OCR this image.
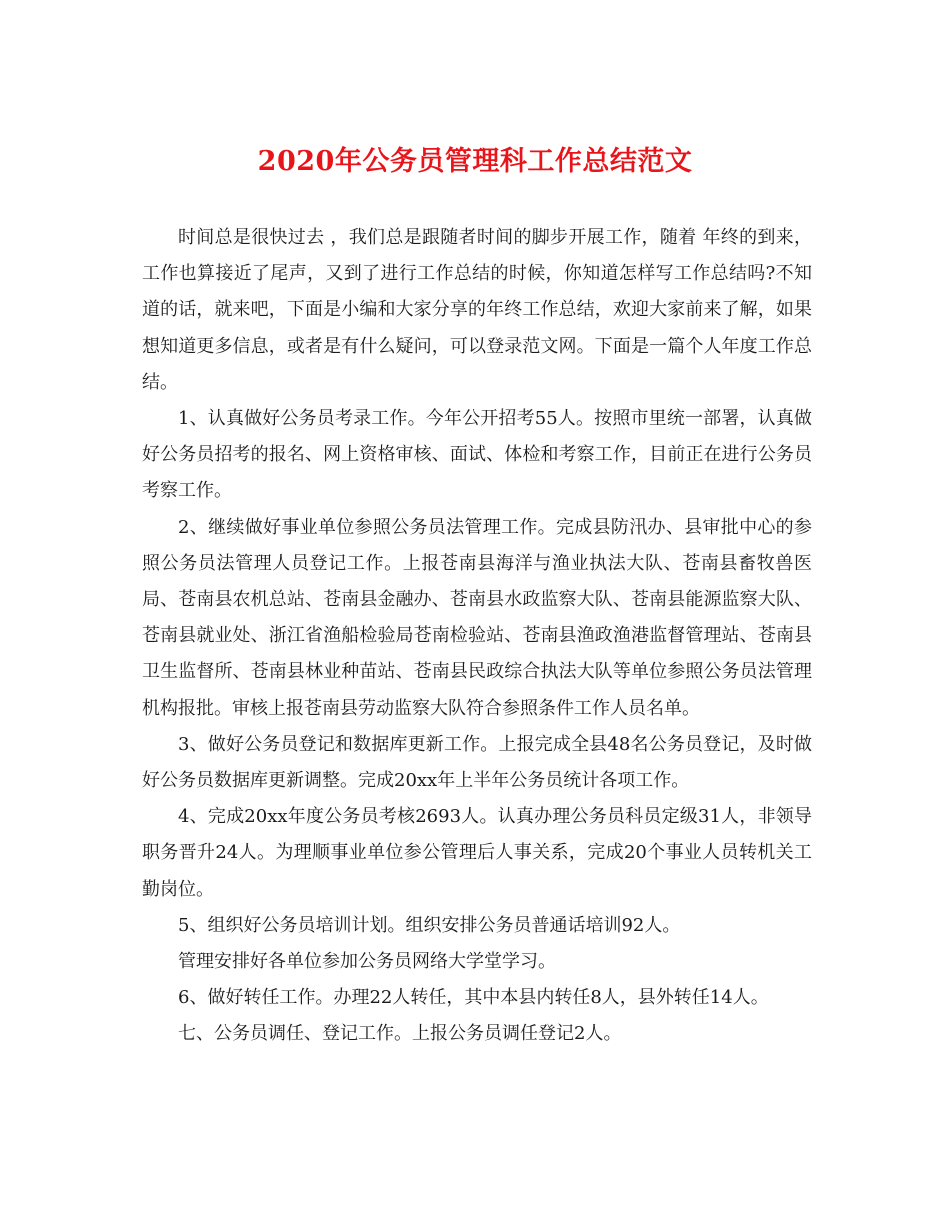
2020年公务员管理科工作总结范文

时间总是很快过去 ，我们总是跟随者时间的脚步开展工作，随着 年终的到来，工作也算接近了尾声，又到了进行工作总结的时候，你知道怎样写工作总结吗?不知道的话，就来吧，下面是小编和大家分享的年终工作总结，欢迎大家前来了解，如果想知道更多信息，或者是有什么疑问，可以登录范文网。下面是一篇个人年度工作总结。

1、认真做好公务员考录工作。今年公开招考55人。按照市里统一部署，认真做好公务员招考的报名、网上资格审核、面试、体检和考察工作，目前正在进行公务员考察工作。

2、继续做好事业单位参照公务员法管理工作。完成县防汛办、县审批中心的参照公务员法管理人员登记工作。上报苍南县海洋与渔业执法大队、苍南县畜牧兽医局、苍南县农机总站、苍南县金融办、苍南县水政监察大队、苍南县能源监察大队、苍南县就业处、浙江省渔船检验局苍南检验站、苍南县渔政渔港监督管理站、苍南县卫生监督所、苍南县林业种苗站、苍南县民政综合执法大队等单位参照公务员法管理机构报批。审核上报苍南县劳动监察大队符合参照条件工作人员名单。

3、做好公务员登记和数据库更新工作。上报完成全县48名公务员登记，及时做好公务员数据库更新调整。完成20xx年上半年公务员统计各项工作。

4、完成20xx年度公务员考核2693人。认真办理公务员科员定级31人，非领导职务晋升24人。为理顺事业单位参公管理后人事关系，完成20个事业人员转机关工勤岗位。

5、组织好公务员培训计划。组织安排公务员普通话培训92人。

管理安排好各单位参加公务员网络大学堂学习。

6、做好转任工作。办理22人转任，其中本县内转任8人，县外转任14人。

七、公务员调任、登记工作。上报公务员调任登记2人。
